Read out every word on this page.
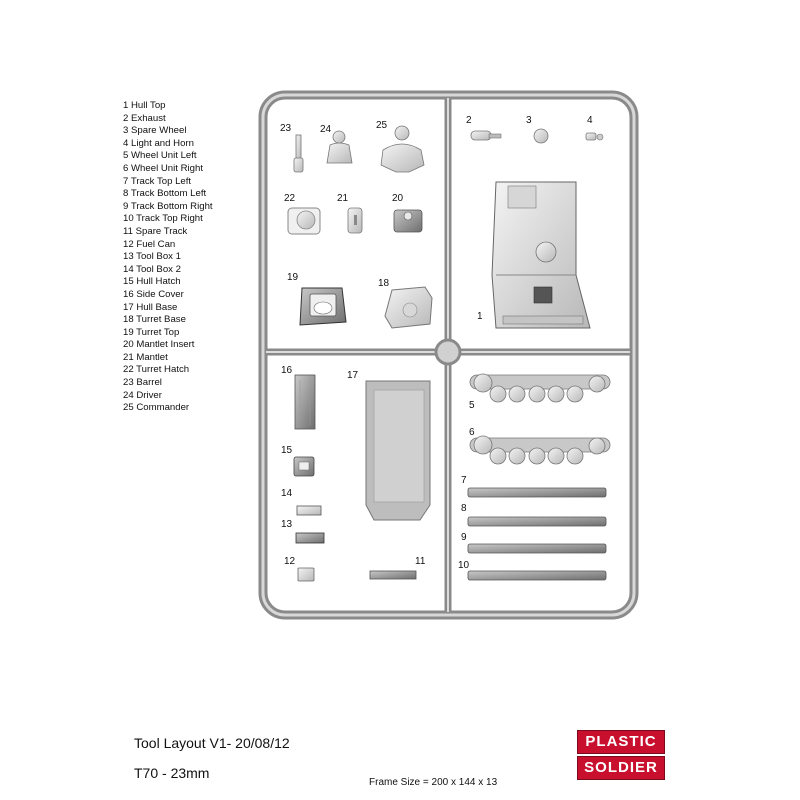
1 Hull Top
2 Exhaust
3 Spare Wheel
4 Light and Horn
5 Wheel Unit Left
6 Wheel Unit Right
7 Track Top Left
8 Track Bottom Left
9 Track Bottom Right
10 Track Top Right
11 Spare Track
12 Fuel Can
13 Tool Box 1
14 Tool Box 2
15 Hull Hatch
16 Side Cover
17 Hull Base
18 Turret Base
19 Turret Top
20 Mantlet Insert
21 Mantlet
22 Turret Hatch
23 Barrel
24 Driver
25 Commander
23	24	25
22	21	20
19
18
2	3	4
1
16	17
15
14
13
12	11
5
6
7
8
9
10
Tool Layout V1- 20/08/12
T70 - 23mm
Frame Size = 200 x 144 x 13
PLASTIC
SOLDIER
